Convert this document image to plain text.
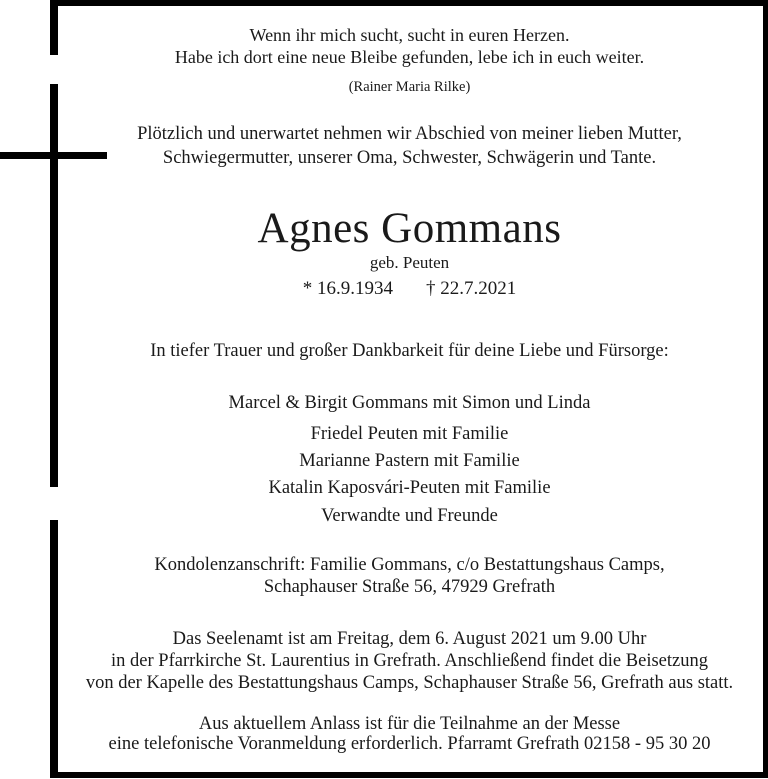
Wenn ihr mich sucht, sucht in euren Herzen.
Habe ich dort eine neue Bleibe gefunden, lebe ich in euch weiter.
(Rainer Maria Rilke)
Plötzlich und unerwartet nehmen wir Abschied von meiner lieben Mutter,
Schwiegermutter, unserer Oma, Schwester, Schwägerin und Tante.
Agnes Gommans
geb. Peuten
* 16.9.1934 † 22.7.2021
In tiefer Trauer und großer Dankbarkeit für deine Liebe und Fürsorge:
Marcel & Birgit Gommans mit Simon und Linda
Friedel Peuten mit Familie
Marianne Pastern mit Familie
Katalin Kaposvári-Peuten mit Familie
Verwandte und Freunde
Kondolenzanschrift: Familie Gommans, c/o Bestattungshaus Camps,
Schaphauser Straße 56, 47929 Grefrath
Das Seelenamt ist am Freitag, dem 6. August 2021 um 9.00 Uhr
in der Pfarrkirche St. Laurentius in Grefrath. Anschließend findet die Beisetzung
von der Kapelle des Bestattungshaus Camps, Schaphauser Straße 56, Grefrath aus statt.
Aus aktuellem Anlass ist für die Teilnahme an der Messe
eine telefonische Voranmeldung erforderlich. Pfarramt Grefrath 02158 - 95 30 20
